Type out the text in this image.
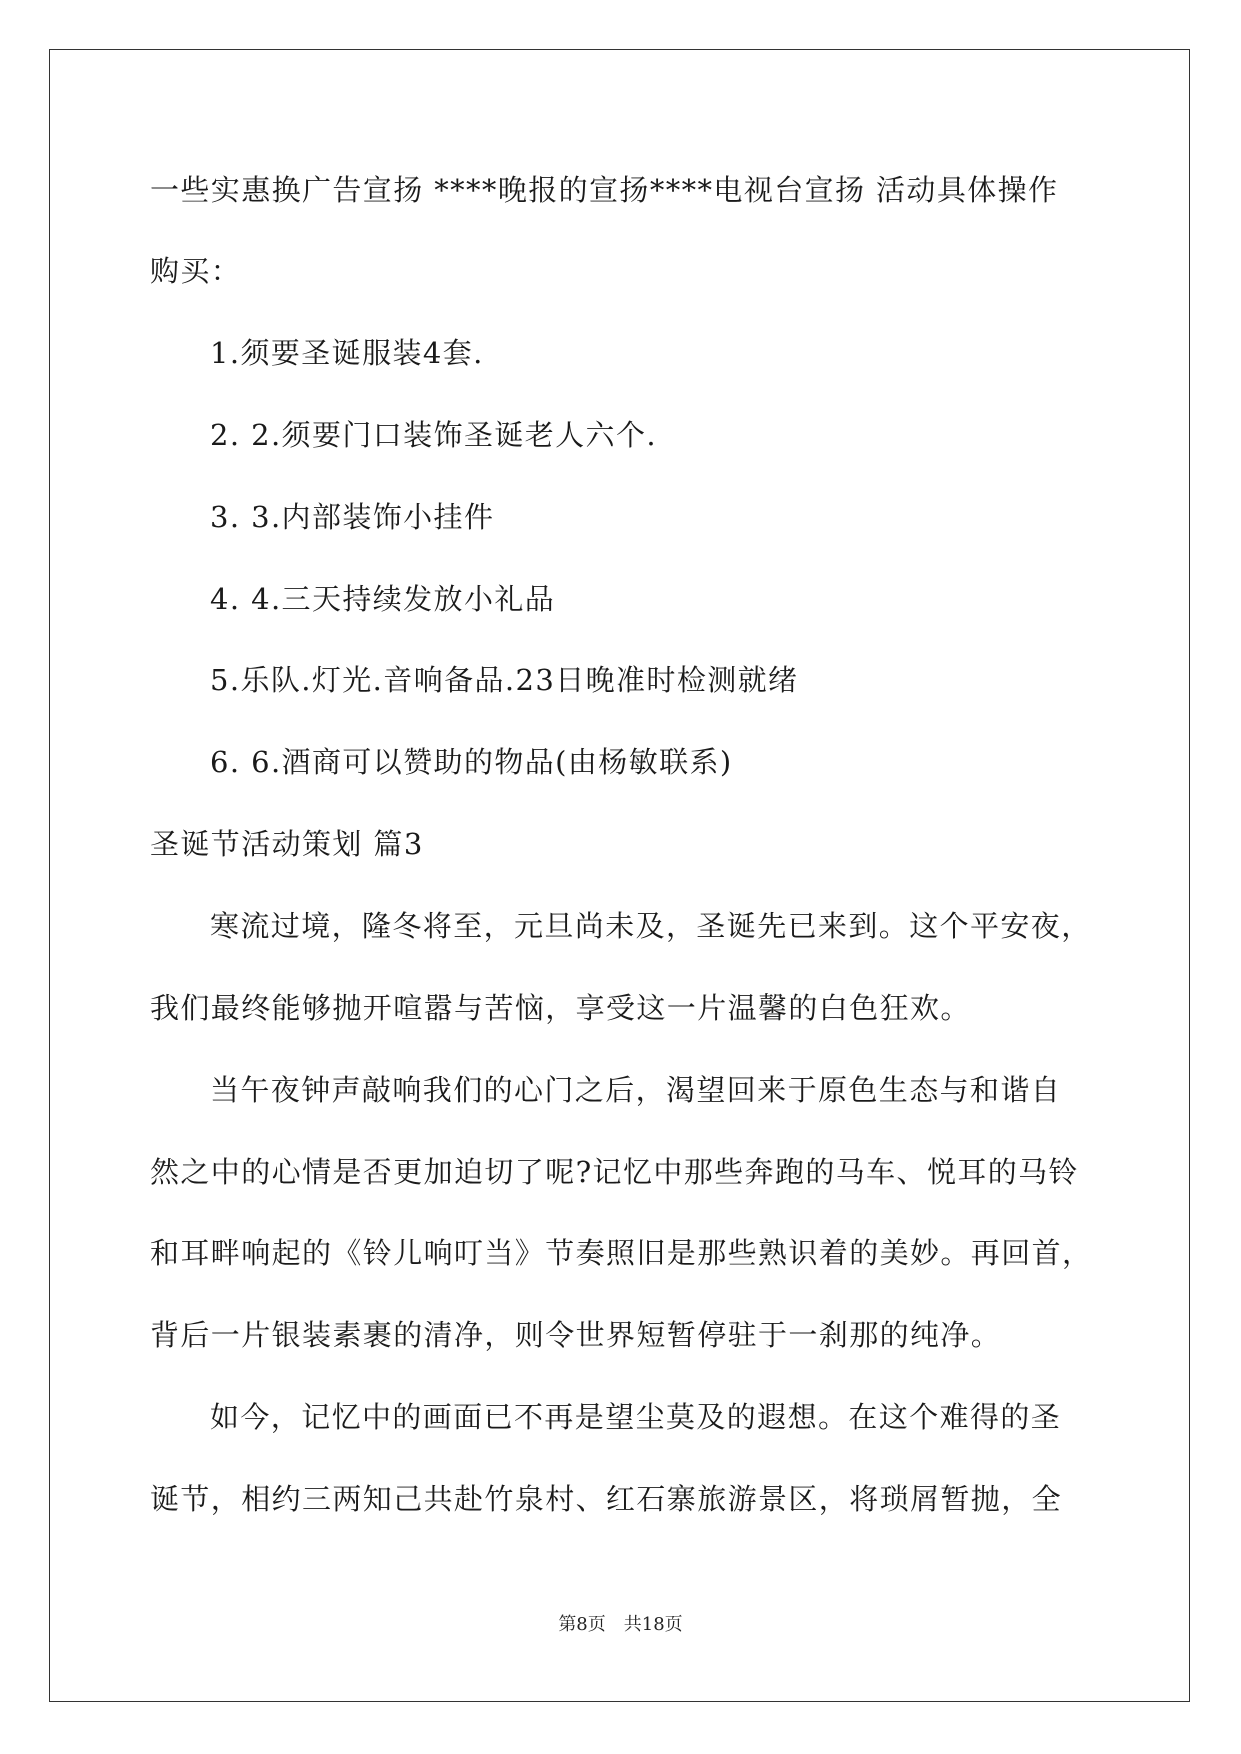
一些实惠换广告宣扬 ****晚报的宣扬****电视台宣扬 活动具体操作
购买：
1.须要圣诞服装4套.
2. 2.须要门口装饰圣诞老人六个.
3. 3.内部装饰小挂件
4. 4.三天持续发放小礼品
5.乐队.灯光.音响备品.23日晚准时检测就绪
6. 6.酒商可以赞助的物品(由杨敏联系)
圣诞节活动策划 篇3
寒流过境，隆冬将至，元旦尚未及，圣诞先已来到。这个平安夜，
我们最终能够抛开喧嚣与苦恼，享受这一片温馨的白色狂欢。
当午夜钟声敲响我们的心门之后，渴望回来于原色生态与和谐自
然之中的心情是否更加迫切了呢?记忆中那些奔跑的马车、悦耳的马铃
和耳畔响起的《铃儿响叮当》节奏照旧是那些熟识着的美妙。再回首，
背后一片银装素裹的清净，则令世界短暂停驻于一刹那的纯净。
如今，记忆中的画面已不再是望尘莫及的遐想。在这个难得的圣
诞节，相约三两知己共赴竹泉村、红石寨旅游景区，将琐屑暂抛，全
第8页　共18页
